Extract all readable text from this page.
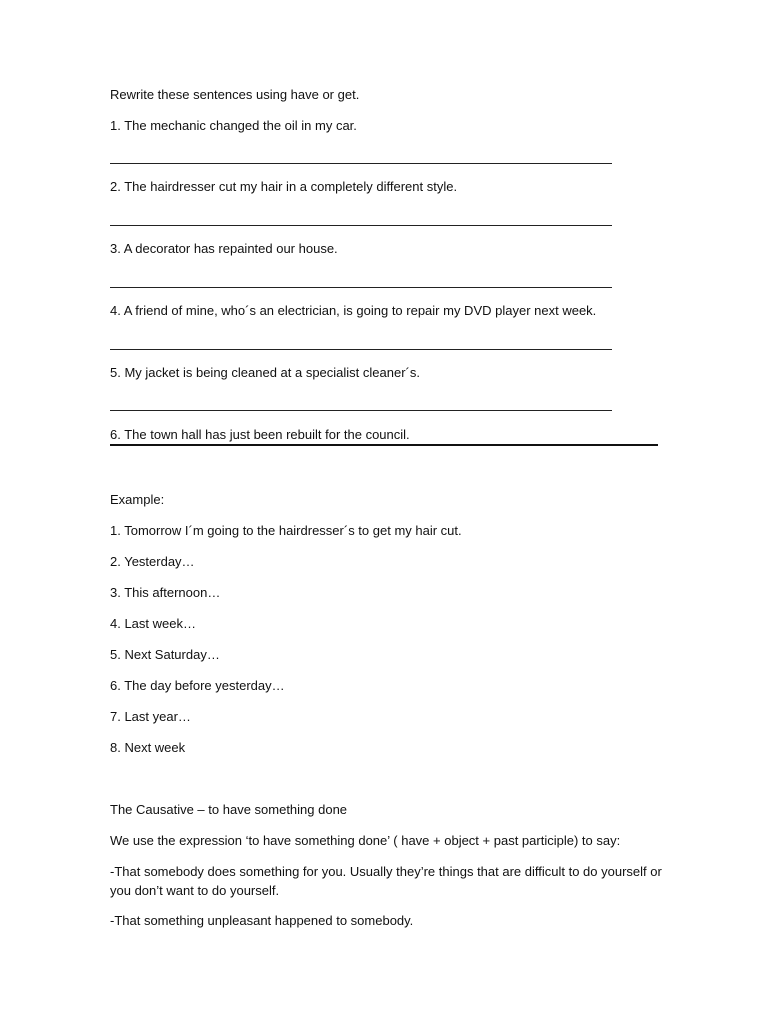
Rewrite these sentences using have or get.
1. The mechanic changed the oil in my car.
2. The hairdresser cut my hair in a completely different style.
3. A decorator has repainted our house.
4. A friend of mine, who´s an electrician, is going to repair my DVD player next week.
5. My jacket is being cleaned at a specialist cleaner´s.
6. The town hall has just been rebuilt for the council.
Example:
1. Tomorrow I´m going to the hairdresser´s to get my hair cut.
2. Yesterday…
3. This afternoon…
4. Last week…
5. Next Saturday…
6. The day before yesterday…
7. Last year…
8. Next week
The Causative – to have something done
We use the expression ‘to have something done’ ( have + object + past participle) to say:
-That somebody does something for you. Usually they’re things that are difficult to do yourself or you don’t want to do yourself.
-That something unpleasant happened to somebody.
